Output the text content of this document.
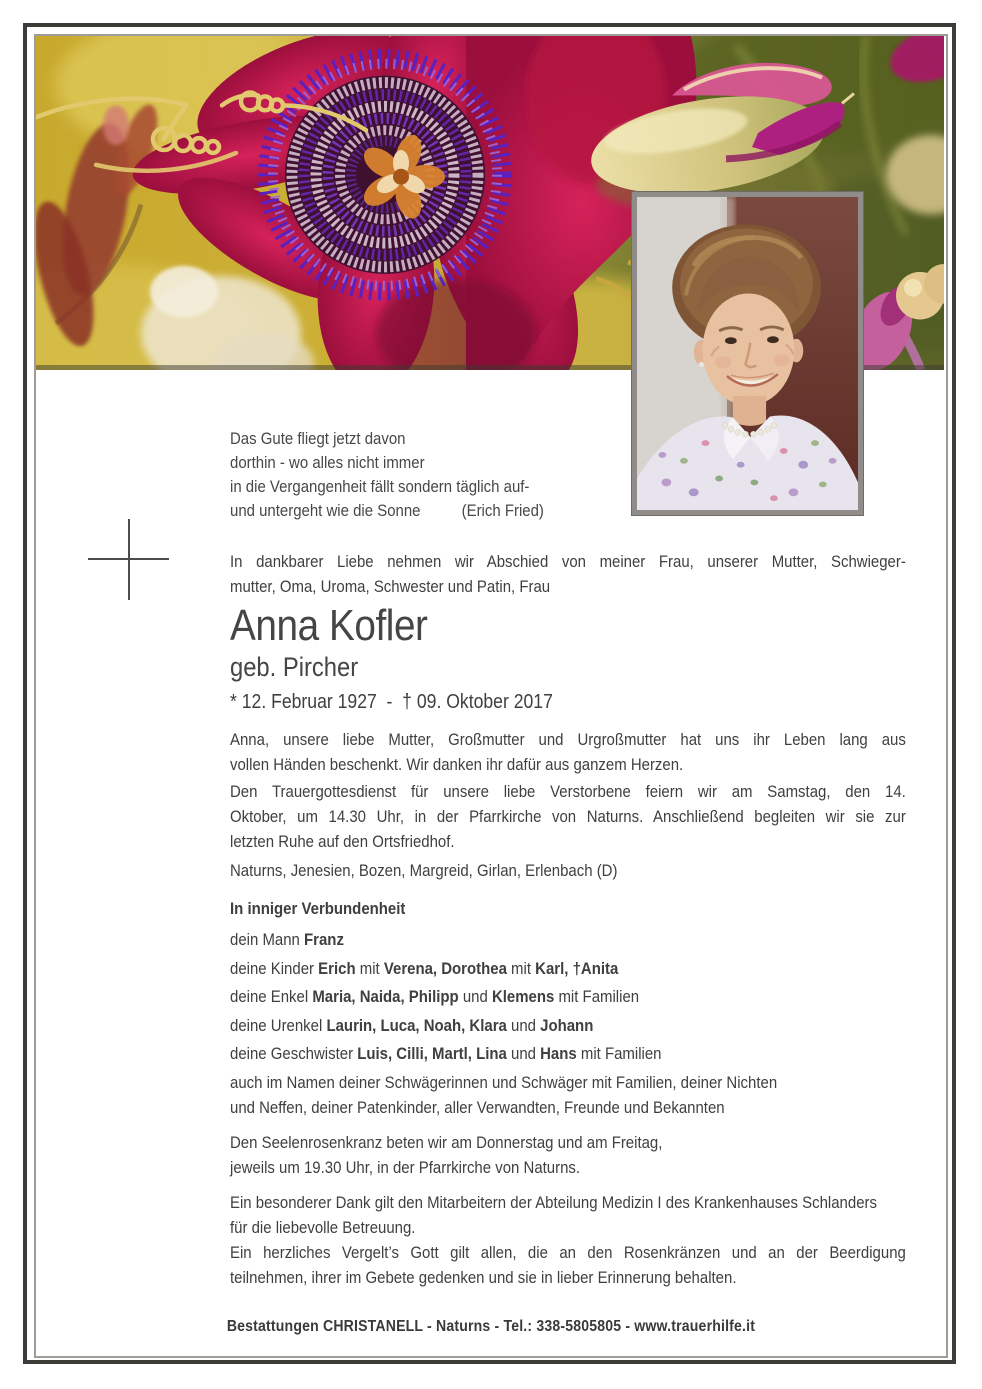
Das Gute fliegt jetzt davon
dorthin - wo alles nicht immer
in die Vergangenheit fällt sondern täglich auf-
und untergeht wie die Sonne (Erich Fried)
In dankbarer Liebe nehmen wir Abschied von meiner Frau, unserer Mutter, Schwieger-
mutter, Oma, Uroma, Schwester und Patin, Frau
Anna Kofler
geb. Pircher
* 12. Februar 1927  -  † 09. Oktober 2017
Anna, unsere liebe Mutter, Großmutter und Urgroßmutter hat uns ihr Leben lang aus
vollen Händen beschenkt. Wir danken ihr dafür aus ganzem Herzen.
Den Trauergottesdienst für unsere liebe Verstorbene feiern wir am Samstag, den 14.
Oktober, um 14.30 Uhr, in der Pfarrkirche von Naturns. Anschließend begleiten wir sie zur
letzten Ruhe auf den Ortsfriedhof.
Naturns, Jenesien, Bozen, Margreid, Girlan, Erlenbach (D)
In inniger Verbundenheit
dein Mann Franz
deine Kinder Erich mit Verena, Dorothea mit Karl, †Anita
deine Enkel Maria, Naida, Philipp und Klemens mit Familien
deine Urenkel Laurin, Luca, Noah, Klara und Johann
deine Geschwister Luis, Cilli, Martl, Lina und Hans mit Familien
auch im Namen deiner Schwägerinnen und Schwäger mit Familien, deiner Nichten
und Neffen, deiner Patenkinder, aller Verwandten, Freunde und Bekannten
Den Seelenrosenkranz beten wir am Donnerstag und am Freitag,
jeweils um 19.30 Uhr, in der Pfarrkirche von Naturns.
Ein besonderer Dank gilt den Mitarbeitern der Abteilung Medizin I des Krankenhauses Schlanders
für die liebevolle Betreuung.
Ein herzliches Vergelt’s Gott gilt allen, die an den Rosenkränzen und an der Beerdigung
teilnehmen, ihrer im Gebete gedenken und sie in lieber Erinnerung behalten.
Bestattungen CHRISTANELL - Naturns - Tel.: 338-5805805 - www.trauerhilfe.it
